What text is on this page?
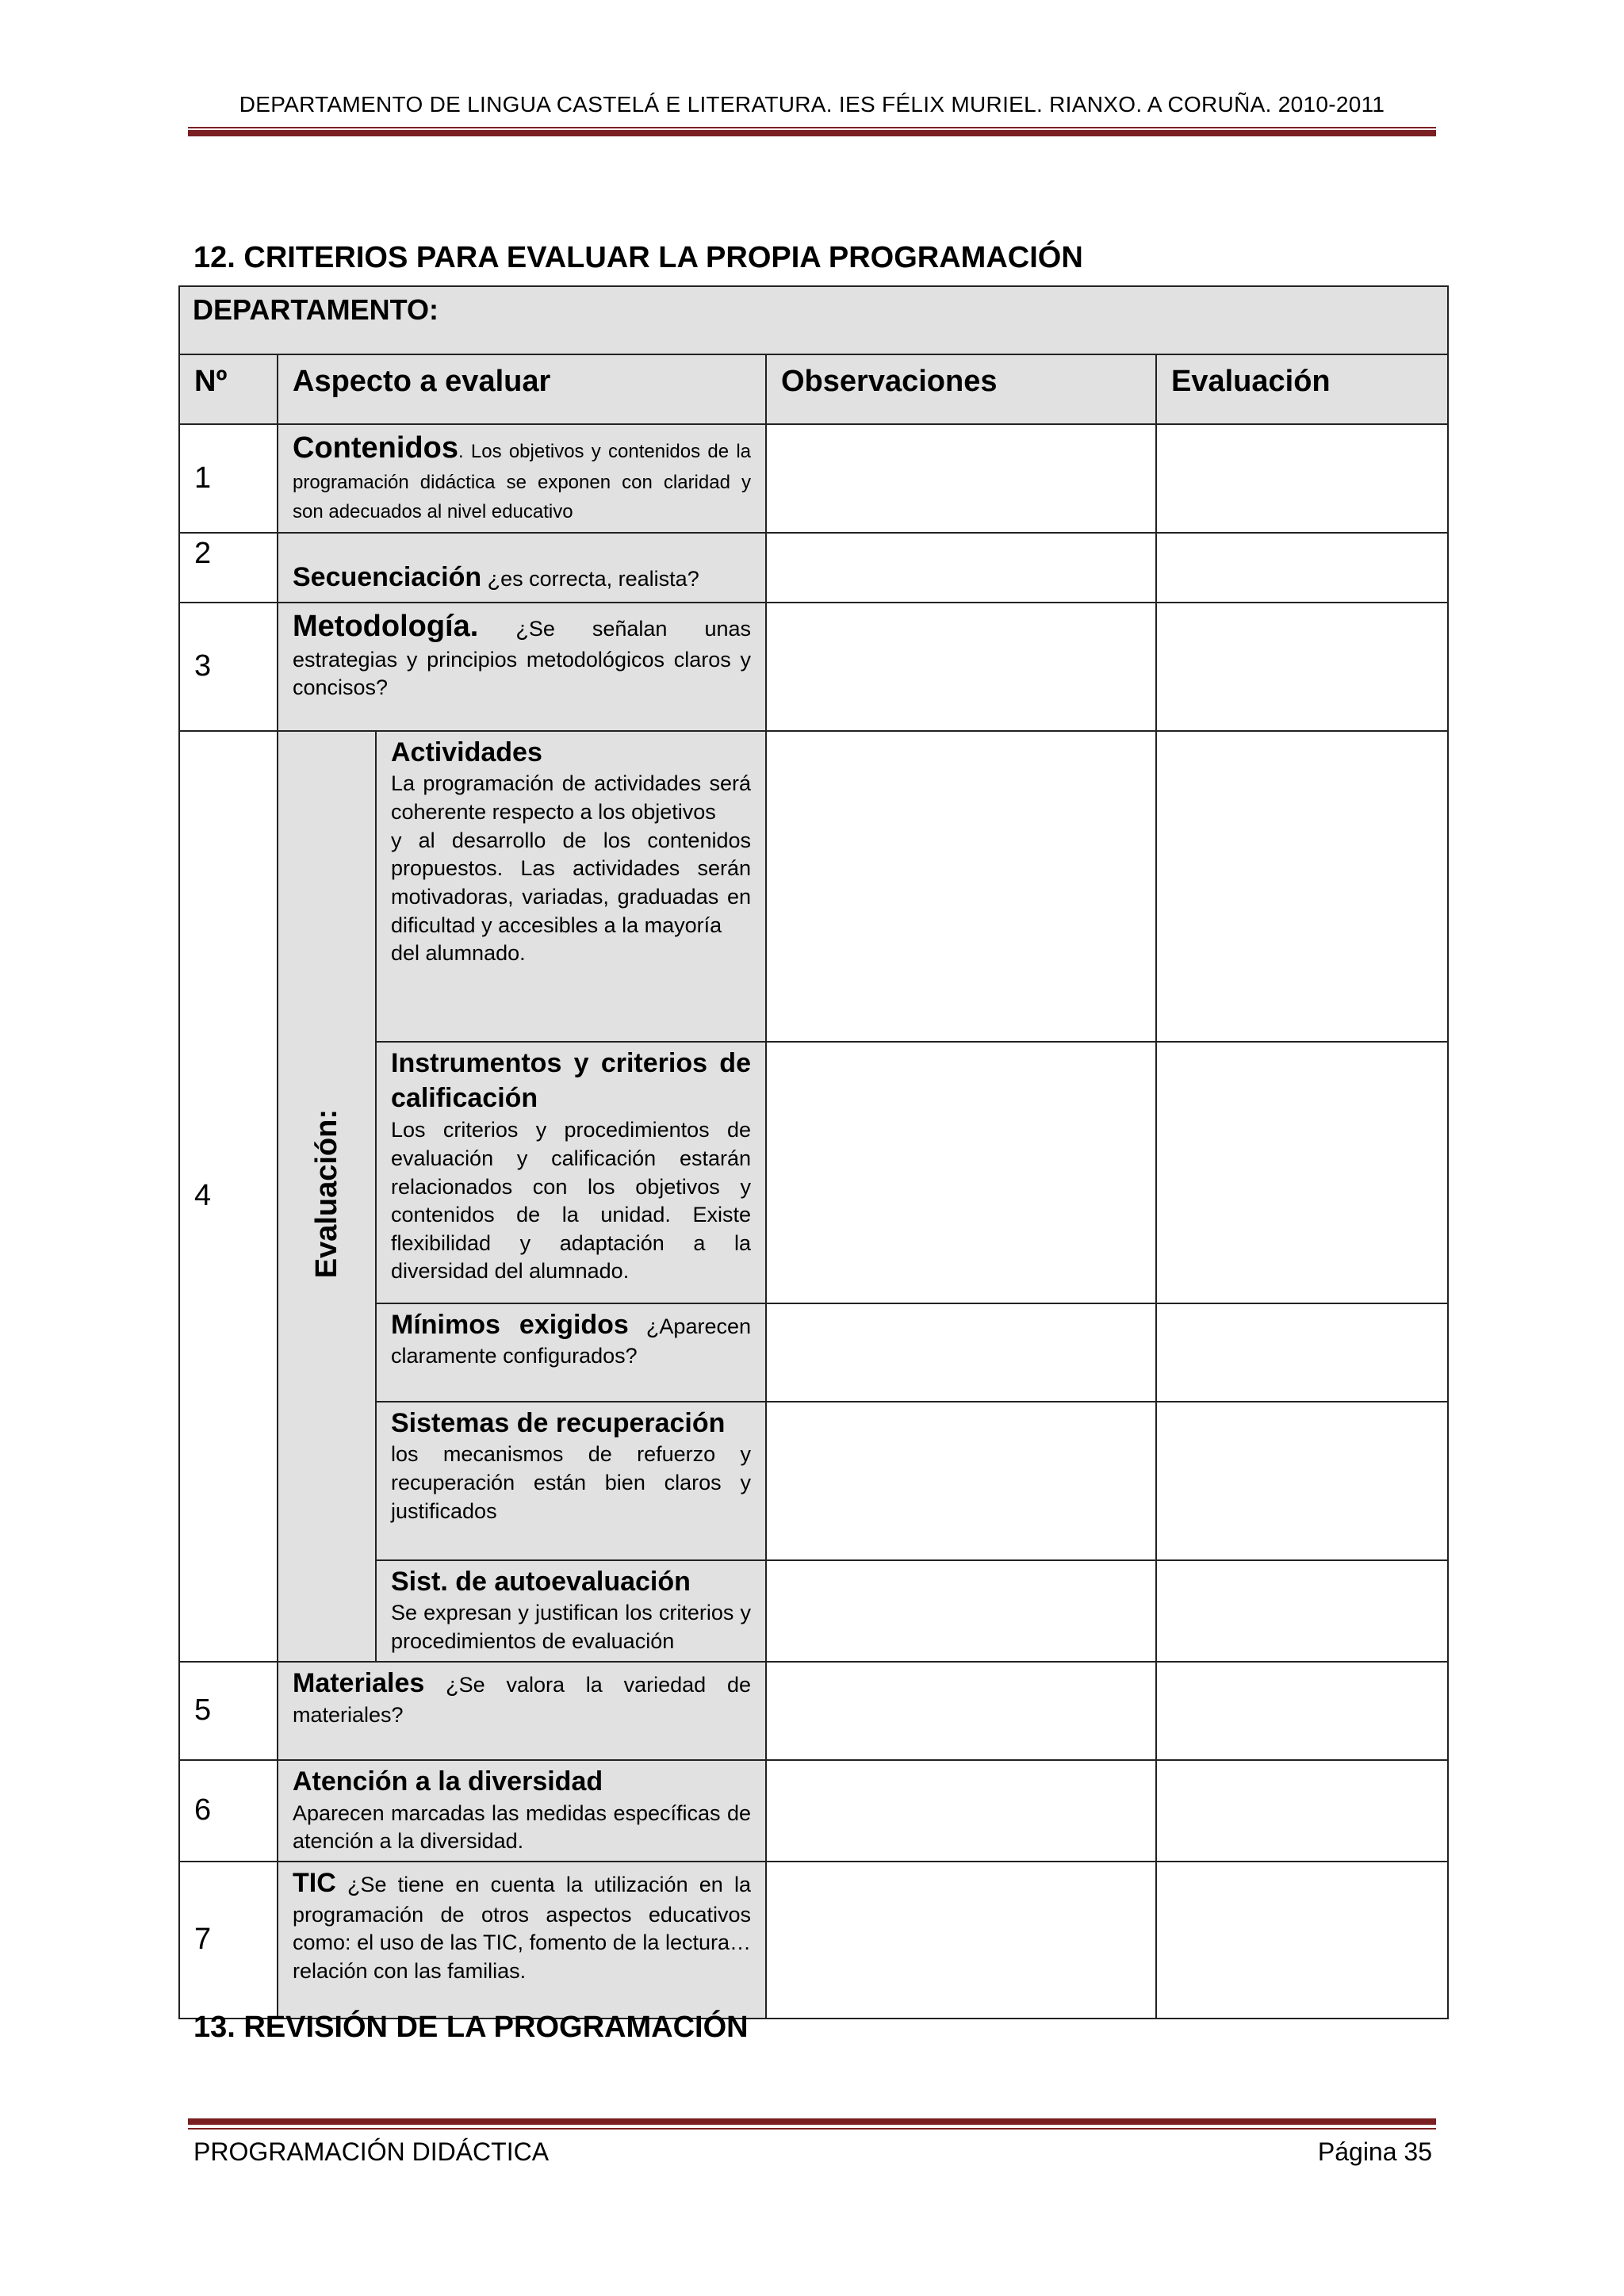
DEPARTAMENTO DE LINGUA CASTELÁ E LITERATURA. IES FÉLIX MURIEL. RIANXO. A CORUÑA. 2010-2011
12. CRITERIOS PARA EVALUAR LA PROPIA PROGRAMACIÓN
DEPARTAMENTO:				
Nº	Aspecto a evaluar		Observaciones	Evaluación
1	Contenidos. Los objetivos y contenidos de la programación didáctica se exponen con claridad y son adecuados al nivel educativo			
2	Secuenciación ¿es correcta, realista?			
3	Metodología. ¿Se señalan unas estrategias y principios metodológicos claros y concisos?			
4	Evaluación:	Actividades
La programación de actividades será coherente respecto a los objetivos
y al desarrollo de los contenidos propuestos. Las actividades serán motivadoras, variadas, graduadas en dificultad y accesibles a la mayoría
del alumnado.		
		Instrumentos y criterios de calificación
Los criterios y procedimientos de evaluación y calificación estarán relacionados con los objetivos y contenidos de la unidad. Existe flexibilidad y adaptación a la diversidad del alumnado.		
		Mínimos exigidos ¿Aparecen claramente configurados?		
		Sistemas de recuperación
los mecanismos de refuerzo y recuperación están bien claros y justificados		
		Sist. de autoevaluación
Se expresan y justifican los criterios y procedimientos de evaluación		
5	Materiales ¿Se valora la variedad de materiales?			
6	Atención a la diversidad
Aparecen marcadas las medidas específicas de atención a la diversidad.			
7	TIC ¿Se tiene en cuenta la utilización en la programación de otros aspectos educativos como: el uso de las TIC, fomento de la lectura… relación con las familias.			
13. REVISIÓN DE LA PROGRAMACIÓN
PROGRAMACIÓN DIDÁCTICA	Página 35
